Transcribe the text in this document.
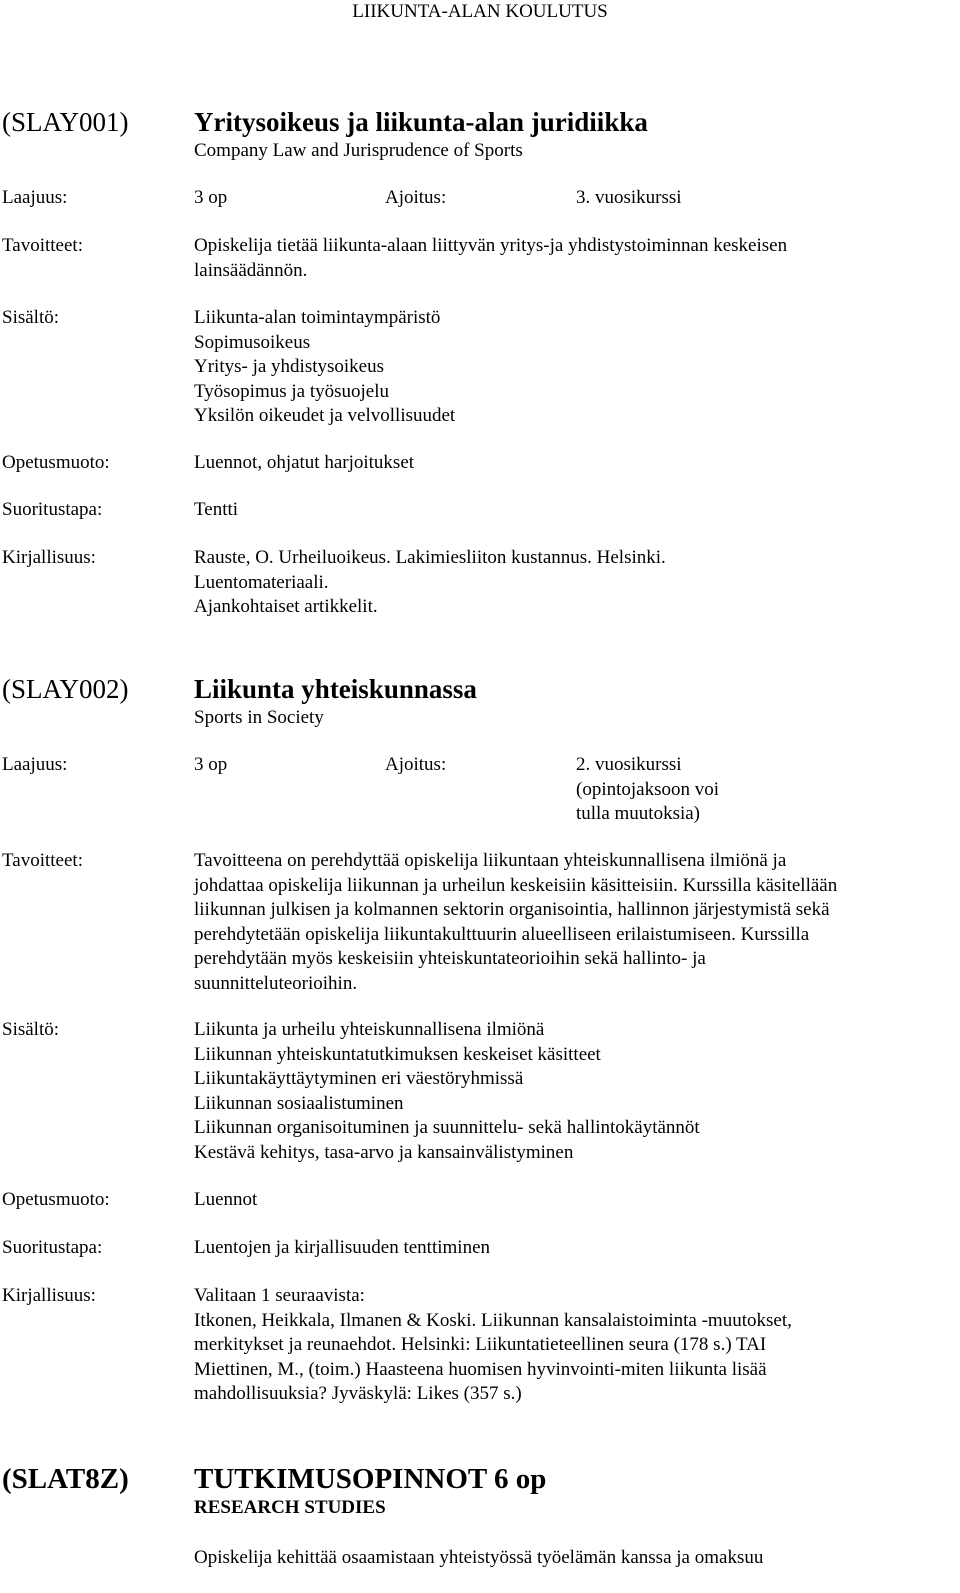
LIIKUNTA-ALAN KOULUTUS
(SLAY001) Yritysoikeus ja liikunta-alan juridiikka
Company Law and Jurisprudence of Sports
Laajuus:	3 op	Ajoitus:	3. vuosikurssi
Tavoitteet:	Opiskelija tietää liikunta-alaan liittyvän yritys-ja yhdistystoiminnan keskeisen
lainsäädännön.
Sisältö:	Liikunta-alan toimintaympäristö
Sopimusoikeus
Yritys- ja yhdistysoikeus
Työsopimus ja työsuojelu
Yksilön oikeudet ja velvollisuudet
Opetusmuoto:	Luennot, ohjatut harjoitukset
Suoritustapa:	Tentti
Kirjallisuus:	Rauste, O. Urheiluoikeus. Lakimiesliiton kustannus. Helsinki.
Luentomateriaali.
Ajankohtaiset artikkelit.
(SLAY002) Liikunta yhteiskunnassa
Sports in Society
Laajuus:	3 op	Ajoitus:	2. vuosikurssi
(opintojaksoon voi
tulla muutoksia)
Tavoitteet:	Tavoitteena on perehdyttää opiskelija liikuntaan yhteiskunnallisena ilmiönä ja
johdattaa opiskelija liikunnan ja urheilun keskeisiin käsitteisiin. Kurssilla käsitellään
liikunnan julkisen ja kolmannen sektorin organisointia, hallinnon järjestymistä sekä
perehdytetään opiskelija liikuntakulttuurin alueelliseen erilaistumiseen. Kurssilla
perehdytään myös keskeisiin yhteiskuntateorioihin sekä hallinto- ja
suunnitteluteorioihin.
Sisältö:	Liikunta ja urheilu yhteiskunnallisena ilmiönä
Liikunnan yhteiskuntatutkimuksen keskeiset käsitteet
Liikuntakäyttäytyminen eri väestöryhmissä
Liikunnan sosiaalistuminen
Liikunnan organisoituminen ja suunnittelu- sekä hallintokäytännöt
Kestävä kehitys, tasa-arvo ja kansainvälistyminen
Opetusmuoto:	Luennot
Suoritustapa:	Luentojen ja kirjallisuuden tenttiminen
Kirjallisuus:	Valitaan 1 seuraavista:
Itkonen, Heikkala, Ilmanen & Koski. Liikunnan kansalaistoiminta -muutokset,
merkitykset ja reunaehdot. Helsinki: Liikuntatieteellinen seura (178 s.) TAI
Miettinen, M., (toim.) Haasteena huomisen hyvinvointi-miten liikunta lisää
mahdollisuuksia? Jyväskylä: Likes (357 s.)
(SLAT8Z) TUTKIMUSOPINNOT 6 op
RESEARCH STUDIES
Opiskelija kehittää osaamistaan yhteistyössä työelämän kanssa ja omaksuu
